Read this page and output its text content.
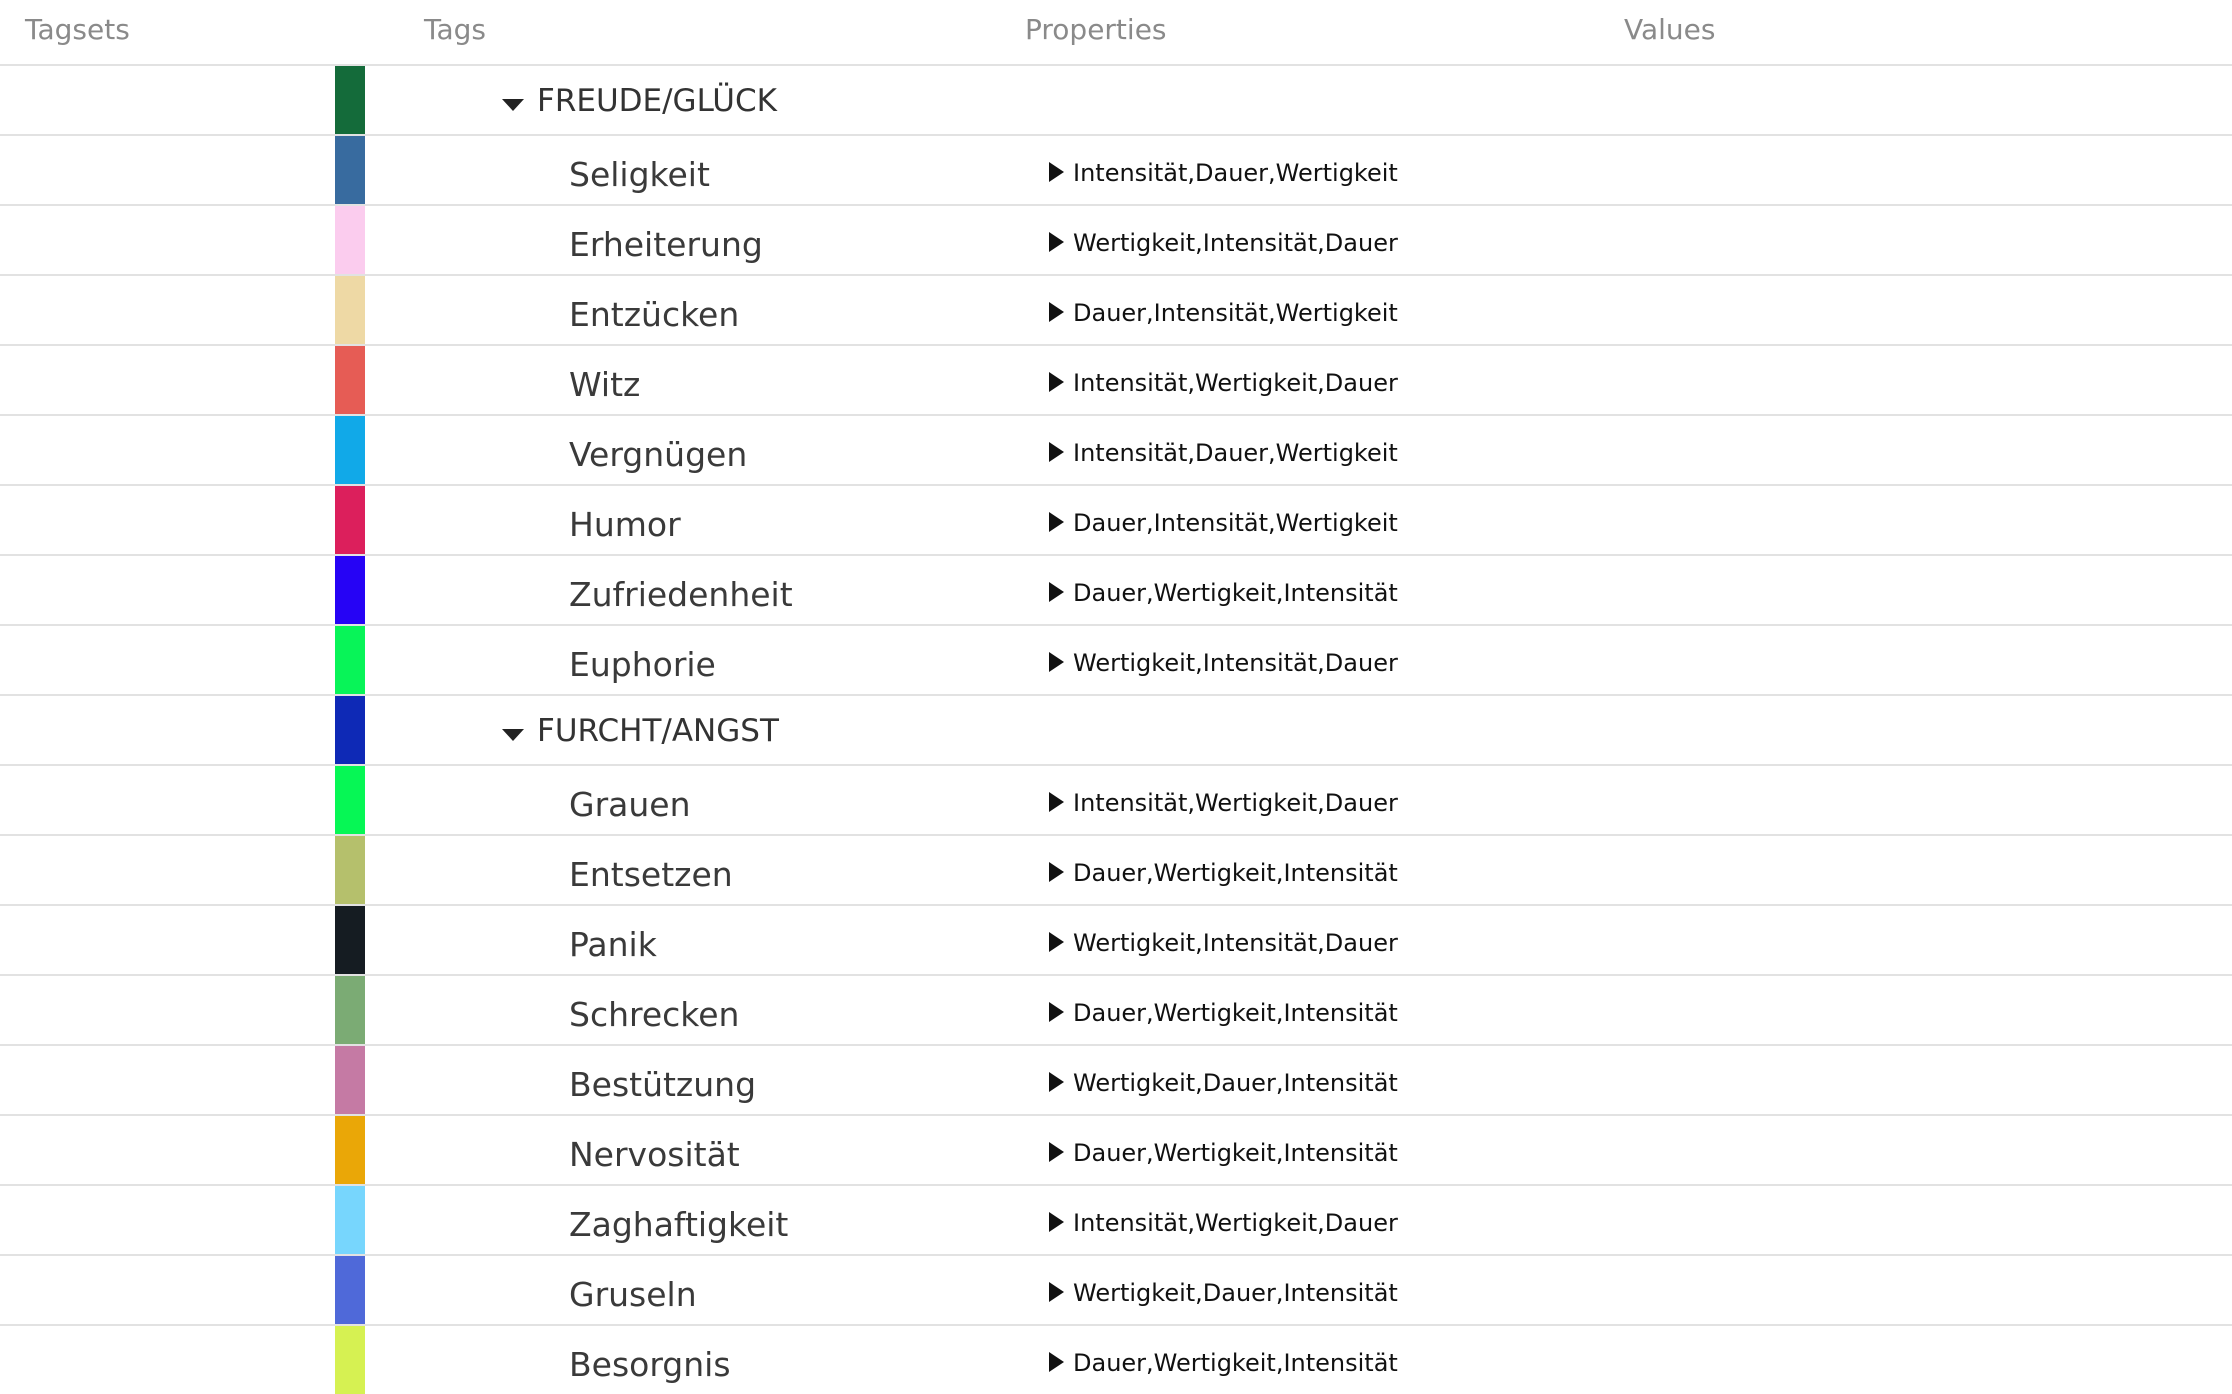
Tagsets	Tags	Properties	Values
FREUDE/GLÜCK
Seligkeit	Intensität,Dauer,Wertigkeit
Erheiterung	Wertigkeit,Intensität,Dauer
Entzücken	Dauer,Intensität,Wertigkeit
Witz	Intensität,Wertigkeit,Dauer
Vergnügen	Intensität,Dauer,Wertigkeit
Humor	Dauer,Intensität,Wertigkeit
Zufriedenheit	Dauer,Wertigkeit,Intensität
Euphorie	Wertigkeit,Intensität,Dauer
FURCHT/ANGST
Grauen	Intensität,Wertigkeit,Dauer
Entsetzen	Dauer,Wertigkeit,Intensität
Panik	Wertigkeit,Intensität,Dauer
Schrecken	Dauer,Wertigkeit,Intensität
Bestützung	Wertigkeit,Dauer,Intensität
Nervosität	Dauer,Wertigkeit,Intensität
Zaghaftigkeit	Intensität,Wertigkeit,Dauer
Gruseln	Wertigkeit,Dauer,Intensität
Besorgnis	Dauer,Wertigkeit,Intensität
